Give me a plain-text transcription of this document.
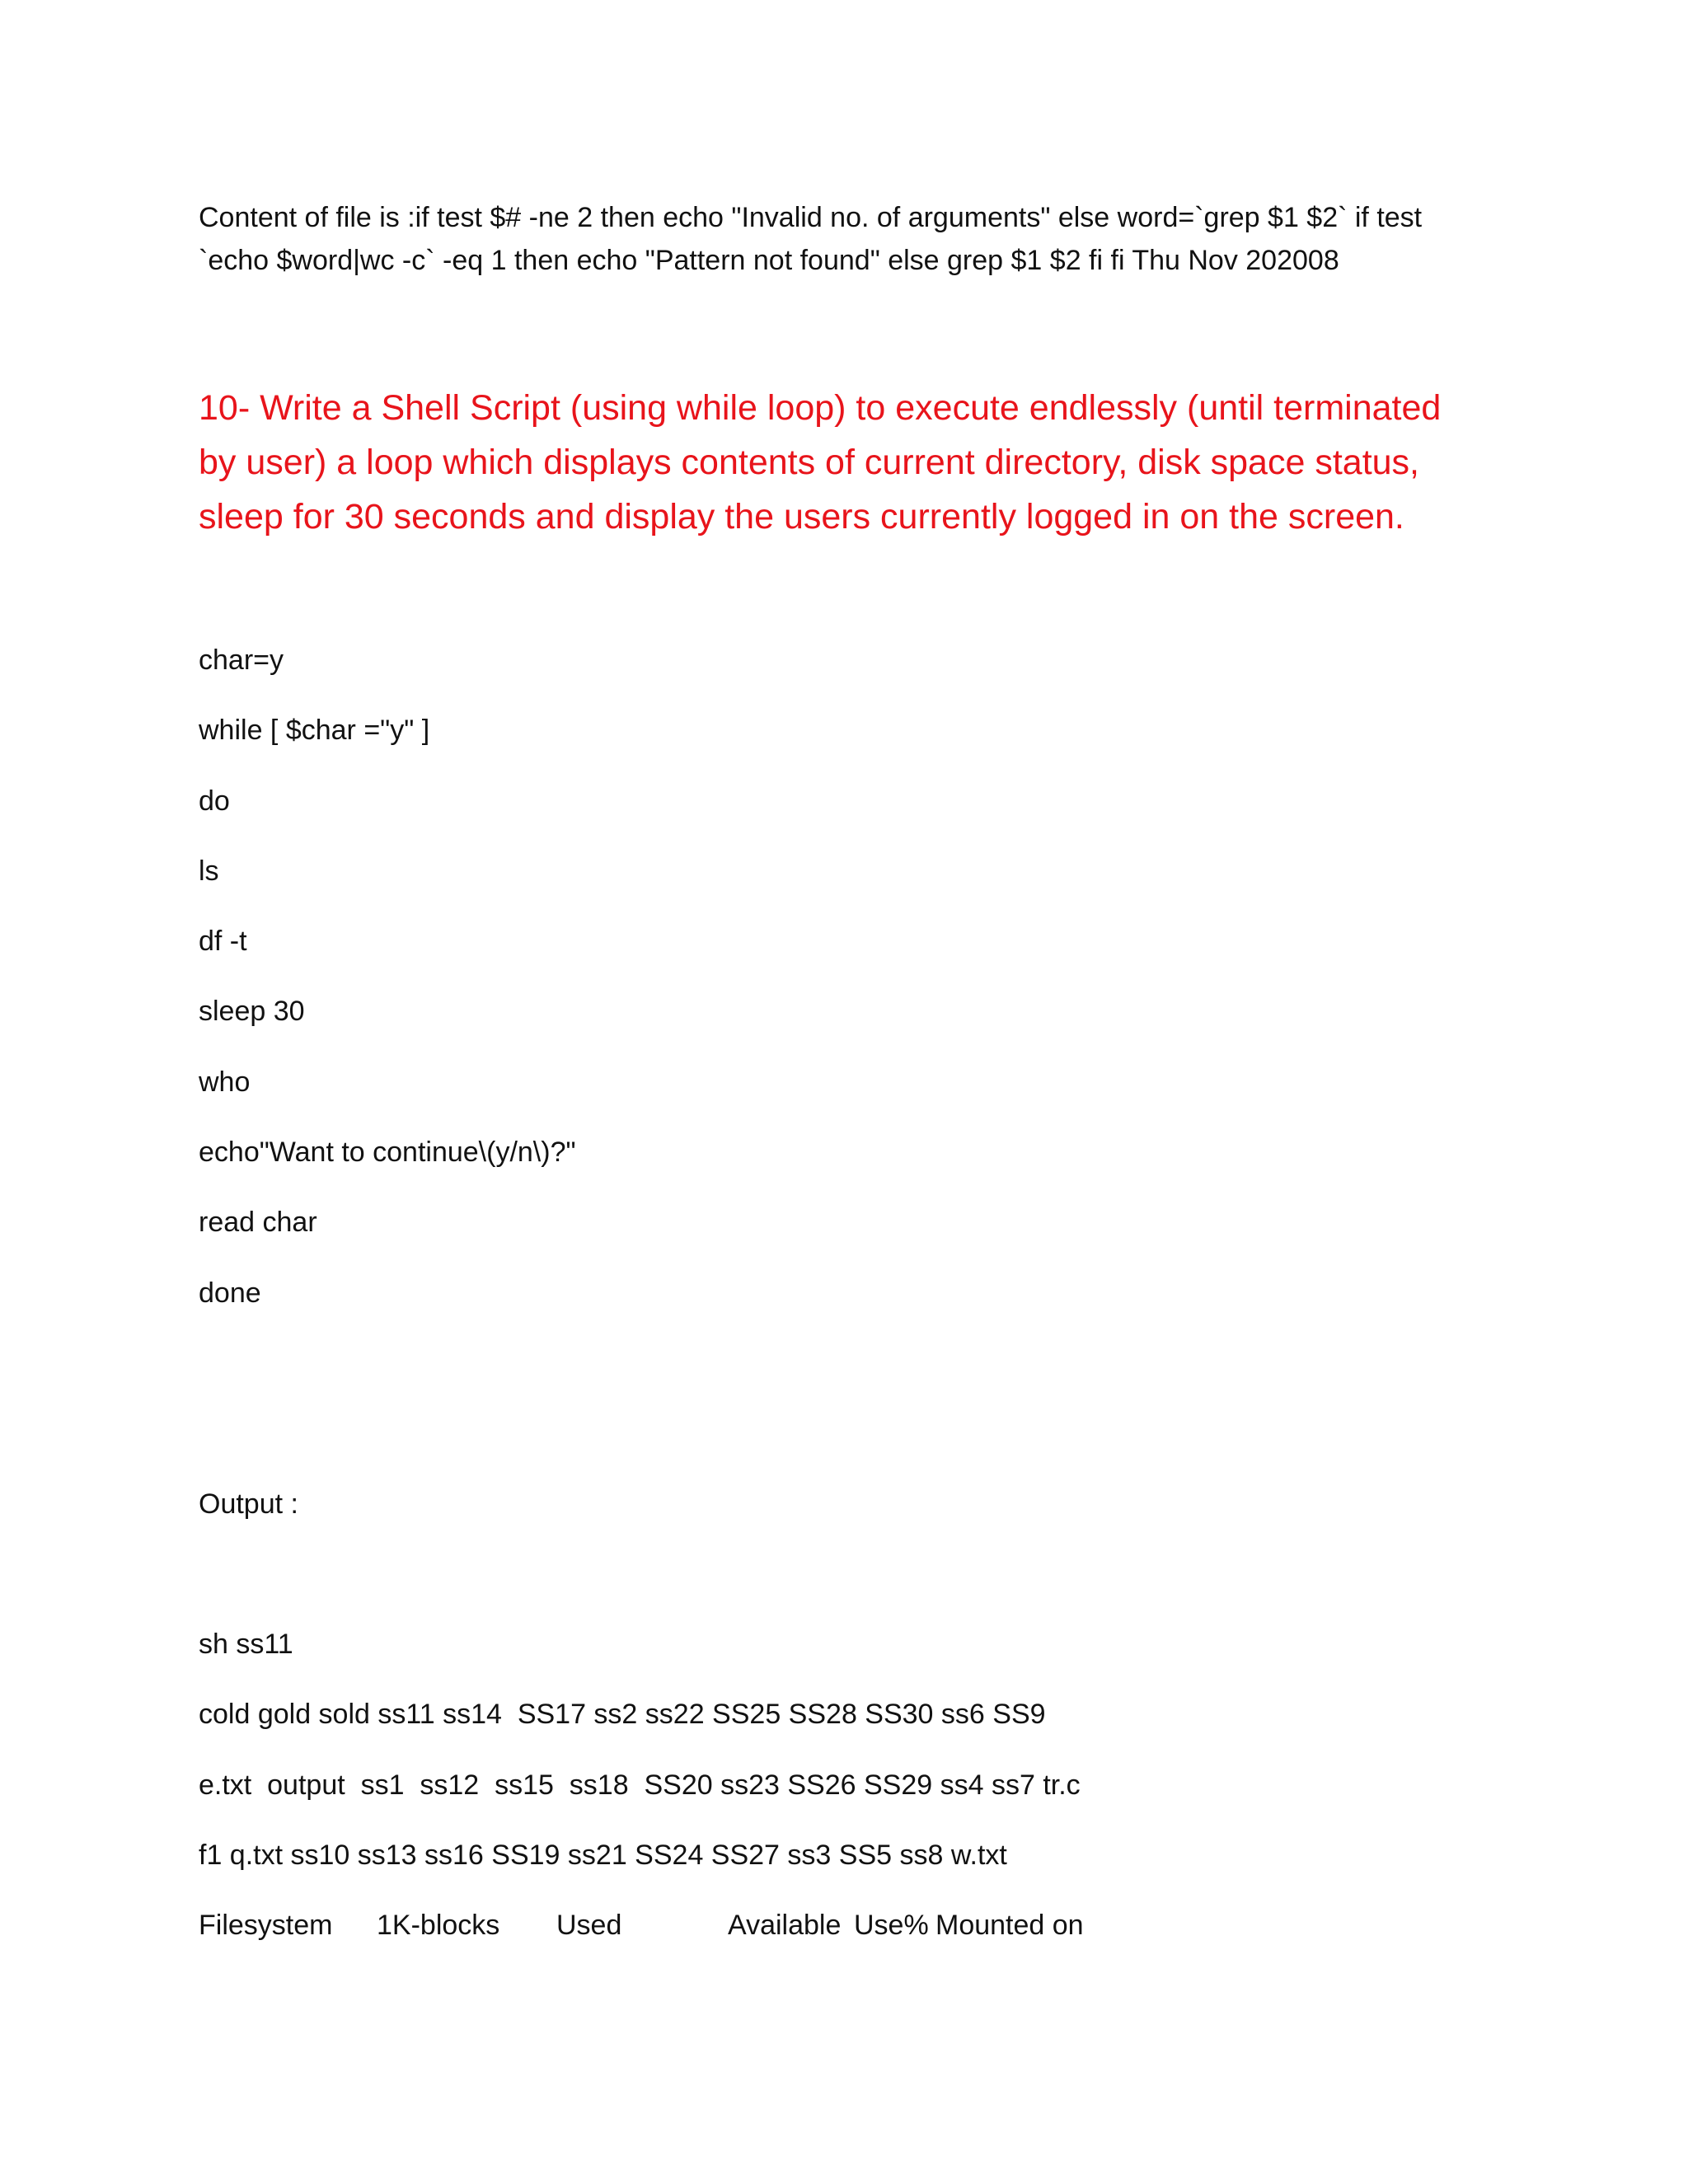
Content of file is :if test $# -ne 2 then echo "Invalid no. of arguments" else word=`grep $1 $2` if test `echo $word|wc -c` -eq 1 then echo "Pattern not found" else grep $1 $2 fi fi Thu Nov 202008
10- Write a Shell Script (using while loop) to execute endlessly (until terminated by user) a loop which displays contents of current directory, disk space status, sleep for 30 seconds and display the users currently logged in on the screen.
char=y
while [ $char ="y" ]
do
ls
df -t
sleep 30
who
echo"Want to continue\(y/n\)?"
read char
done
Output :
sh ss11
cold gold sold ss11 ss14  SS17 ss2 ss22 SS25 SS28 SS30 ss6 SS9
e.txt  output  ss1  ss12  ss15  ss18  SS20 ss23 SS26 SS29 ss4 ss7 tr.c
f1 q.txt ss10 ss13 ss16 SS19 ss21 SS24 SS27 ss3 SS5 ss8 w.txt
Filesystem 1K-blocks Used	Available Use% Mounted on
